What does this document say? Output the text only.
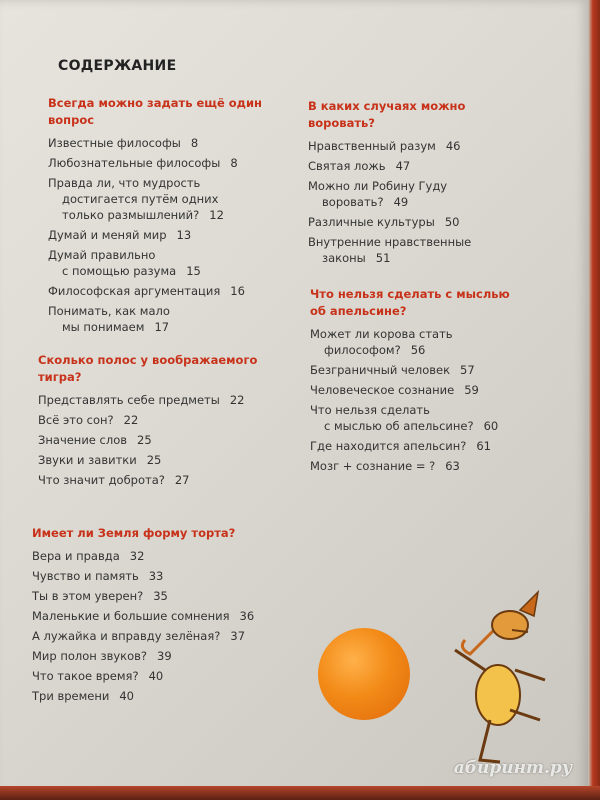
СОДЕРЖАНИЕ
Всегда можно задать ещё один
вопрос
Известные философы 8
Любознательные философы 8
Правда ли, что мудрость
достигается путём одних
только размышлений? 12
Думай и меняй мир 13
Думай правильно
с помощью разума 15
Философская аргументация 16
Понимать, как мало
мы понимаем 17
Сколько полос у воображаемого
тигра?
Представлять себе предметы 22
Всё это сон? 22
Значение слов 25
Звуки и завитки 25
Что значит доброта? 27
Имеет ли Земля форму торта?
Вера и правда 32
Чувство и память 33
Ты в этом уверен? 35
Маленькие и большие сомнения 36
А лужайка и вправду зелёная? 37
Мир полон звуков? 39
Что такое время? 40
Три времени 40
В каких случаях можно
воровать?
Нравственный разум 46
Святая ложь 47
Можно ли Робину Гуду
воровать? 49
Различные культуры 50
Внутренние нравственные
законы 51
Что нельзя сделать с мыслью
об апельсине?
Может ли корова стать
философом? 56
Безграничный человек 57
Человеческое сознание 59
Что нельзя сделать
с мыслью об апельсине? 60
Где находится апельсин? 61
Мозг + сознание = ? 63
абиринт.ру
